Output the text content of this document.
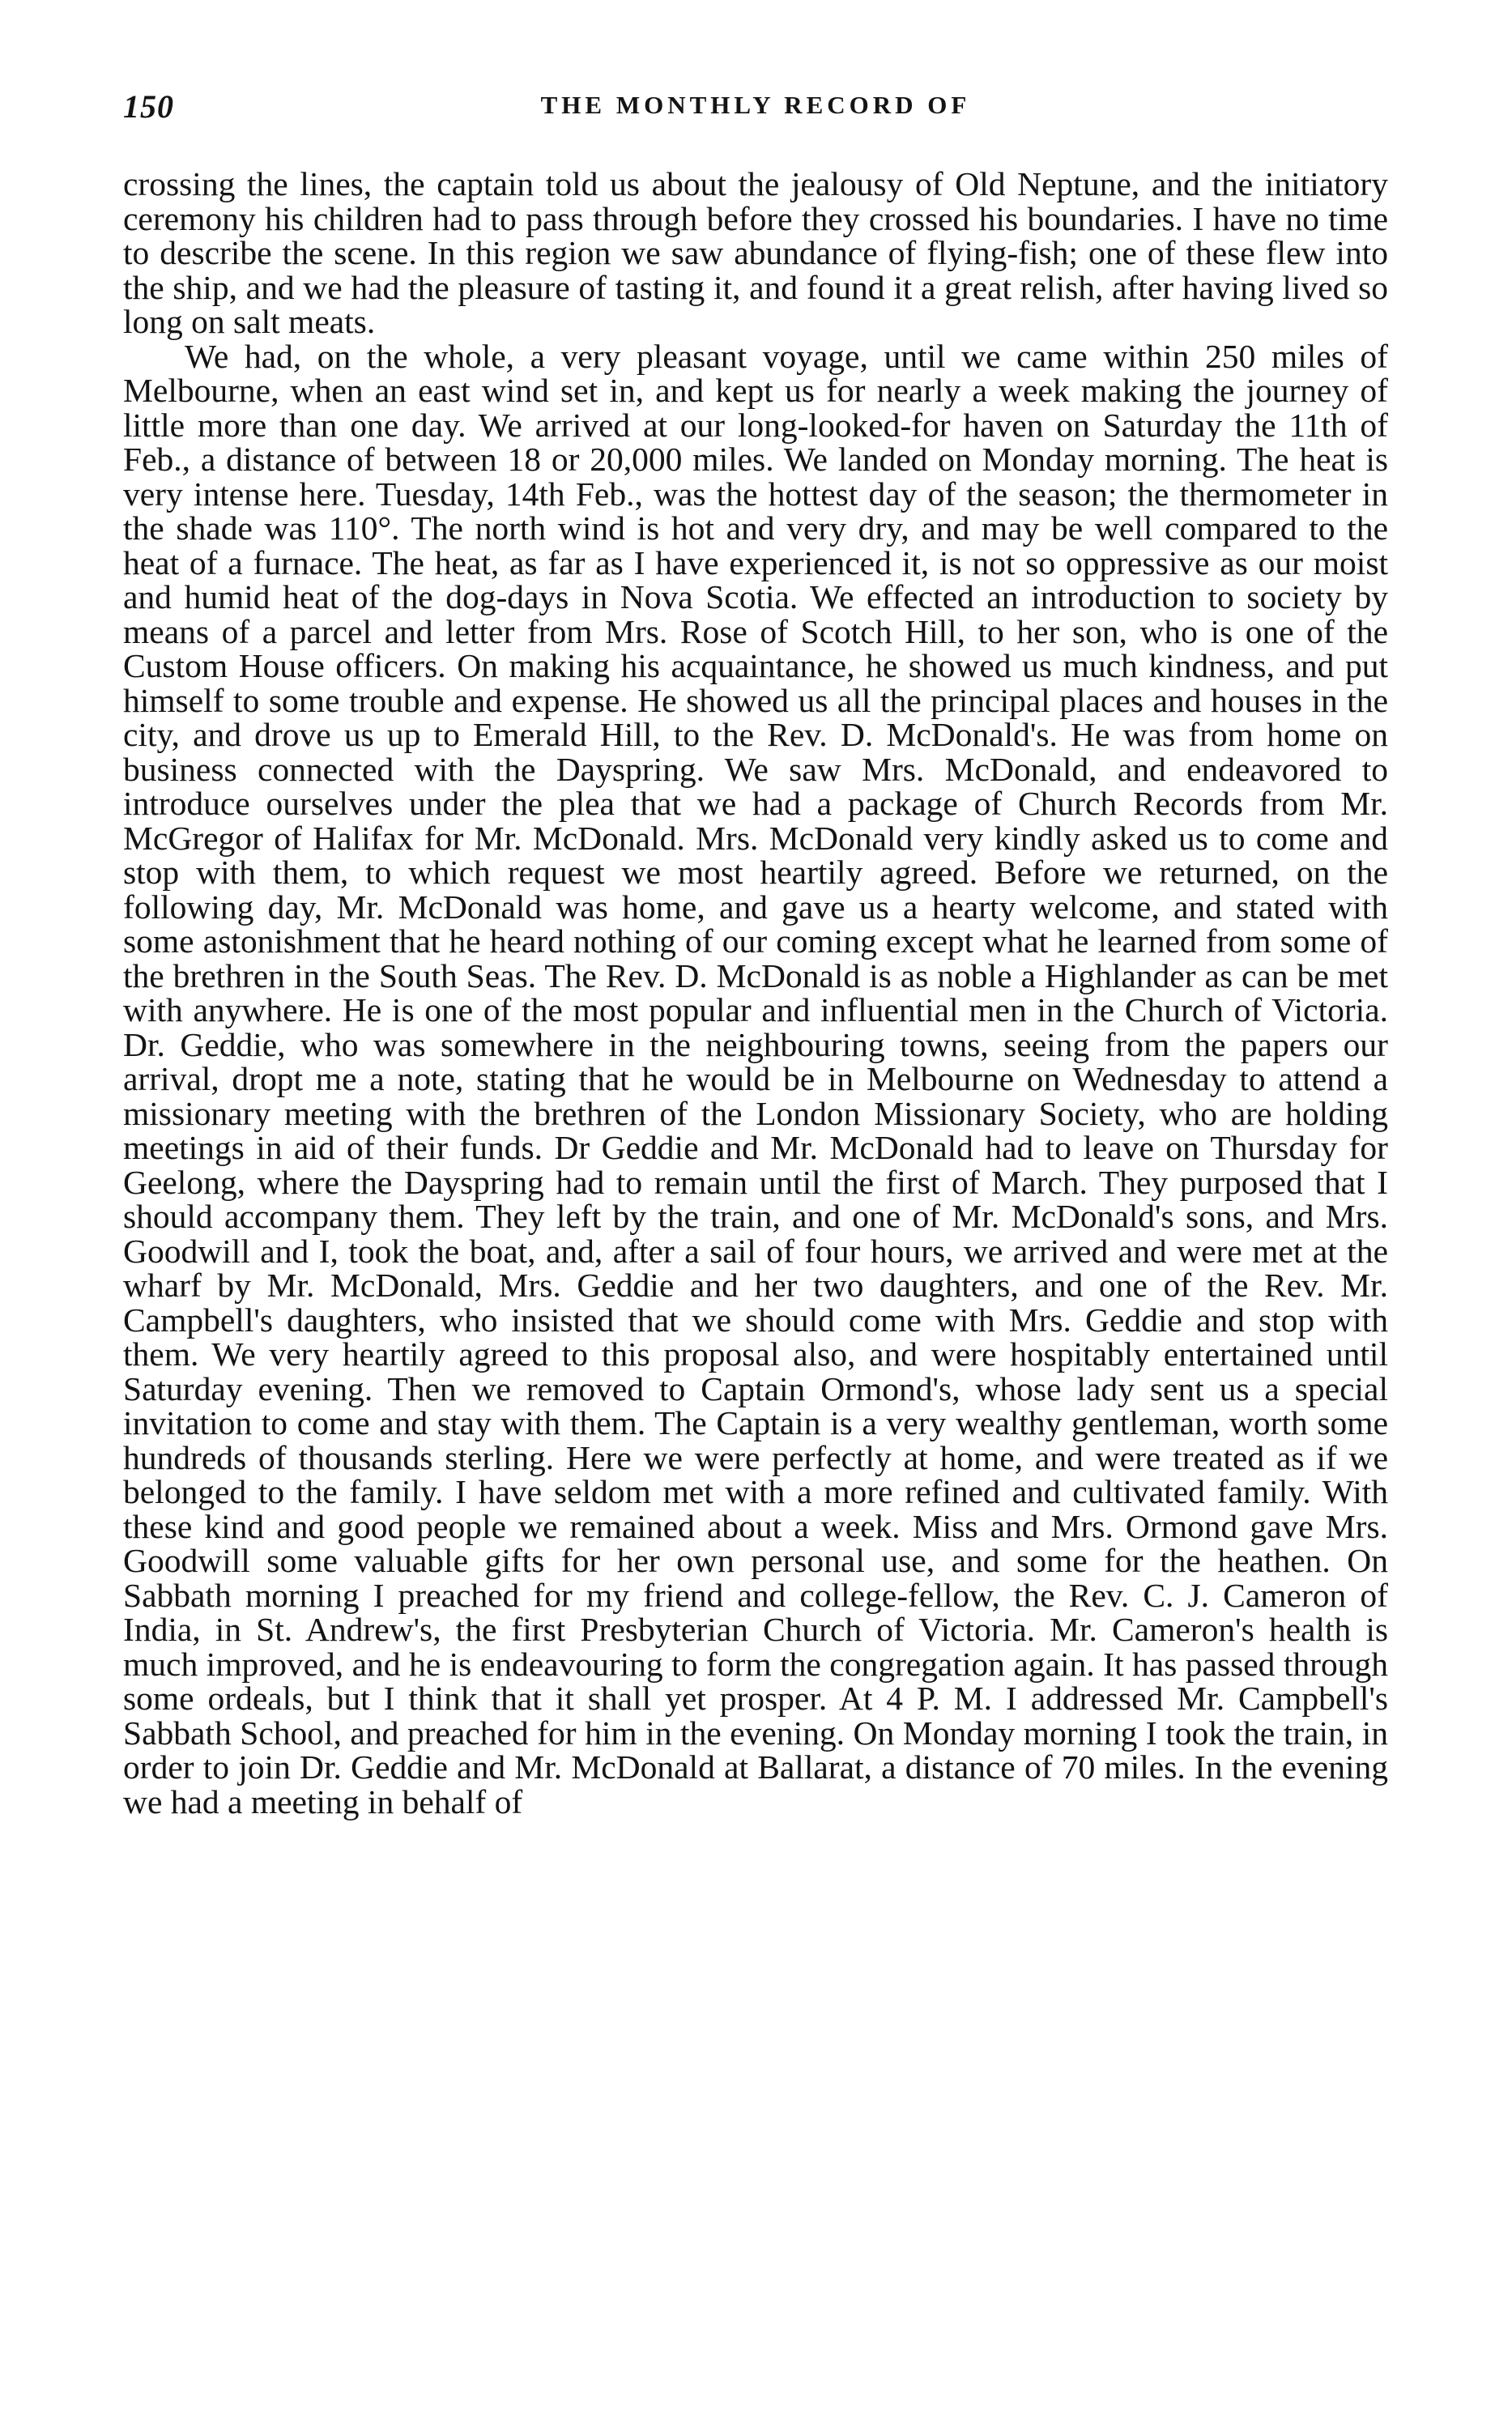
150	THE MONTHLY RECORD OF

crossing the lines, the captain told us about the jealousy of Old Neptune, and the initiatory ceremony his children had to pass through before they crossed his boundaries. I have no time to describe the scene. In this region we saw abundance of flying-fish; one of these flew into the ship, and we had the pleasure of tasting it, and found it a great relish, after having lived so long on salt meats.

We had, on the whole, a very pleasant voyage, until we came within 250 miles of Melbourne, when an east wind set in, and kept us for nearly a week making the journey of little more than one day. We arrived at our long-looked-for haven on Saturday the 11th of Feb., a distance of between 18 or 20,000 miles. We landed on Monday morning. The heat is very intense here. Tuesday, 14th Feb., was the hottest day of the season; the thermometer in the shade was 110°. The north wind is hot and very dry, and may be well compared to the heat of a furnace. The heat, as far as I have experienced it, is not so oppressive as our moist and humid heat of the dog-days in Nova Scotia. We effected an introduction to society by means of a parcel and letter from Mrs. Rose of Scotch Hill, to her son, who is one of the Custom House officers. On making his acquaintance, he showed us much kindness, and put himself to some trouble and expense. He showed us all the principal places and houses in the city, and drove us up to Emerald Hill, to the Rev. D. McDonald's. He was from home on business connected with the Dayspring. We saw Mrs. McDonald, and endeavored to introduce ourselves under the plea that we had a package of Church Records from Mr. McGregor of Halifax for Mr. McDonald. Mrs. McDonald very kindly asked us to come and stop with them, to which request we most heartily agreed. Before we returned, on the following day, Mr. McDonald was home, and gave us a hearty welcome, and stated with some astonishment that he heard nothing of our coming except what he learned from some of the brethren in the South Seas. The Rev. D. McDonald is as noble a Highlander as can be met with anywhere. He is one of the most popular and influential men in the Church of Victoria. Dr. Geddie, who was somewhere in the neighbouring towns, seeing from the papers our arrival, dropt me a note, stating that he would be in Melbourne on Wednesday to attend a missionary meeting with the brethren of the London Missionary Society, who are holding meetings in aid of their funds. Dr Geddie and Mr. McDonald had to leave on Thursday for Geelong, where the Dayspring had to remain until the first of March. They purposed that I should accompany them. They left by the train, and one of Mr. McDonald's sons, and Mrs. Goodwill and I, took the boat, and, after a sail of four hours, we arrived and were met at the wharf by Mr. McDonald, Mrs. Geddie and her two daughters, and one of the Rev. Mr. Campbell's daughters, who insisted that we should come with Mrs. Geddie and stop with them. We very heartily agreed to this proposal also, and were hospitably entertained until Saturday evening. Then we removed to Captain Ormond's, whose lady sent us a special invitation to come and stay with them. The Captain is a very wealthy gentleman, worth some hundreds of thousands sterling. Here we were perfectly at home, and were treated as if we belonged to the family. I have seldom met with a more refined and cultivated family. With these kind and good people we remained about a week. Miss and Mrs. Ormond gave Mrs. Goodwill some valuable gifts for her own personal use, and some for the heathen. On Sabbath morning I preached for my friend and college-fellow, the Rev. C. J. Cameron of India, in St. Andrew's, the first Presbyterian Church of Victoria. Mr. Cameron's health is much improved, and he is endeavouring to form the congregation again. It has passed through some ordeals, but I think that it shall yet prosper. At 4 P. M. I addressed Mr. Campbell's Sabbath School, and preached for him in the evening. On Monday morning I took the train, in order to join Dr. Geddie and Mr. McDonald at Ballarat, a distance of 70 miles. In the evening we had a meeting in behalf of
